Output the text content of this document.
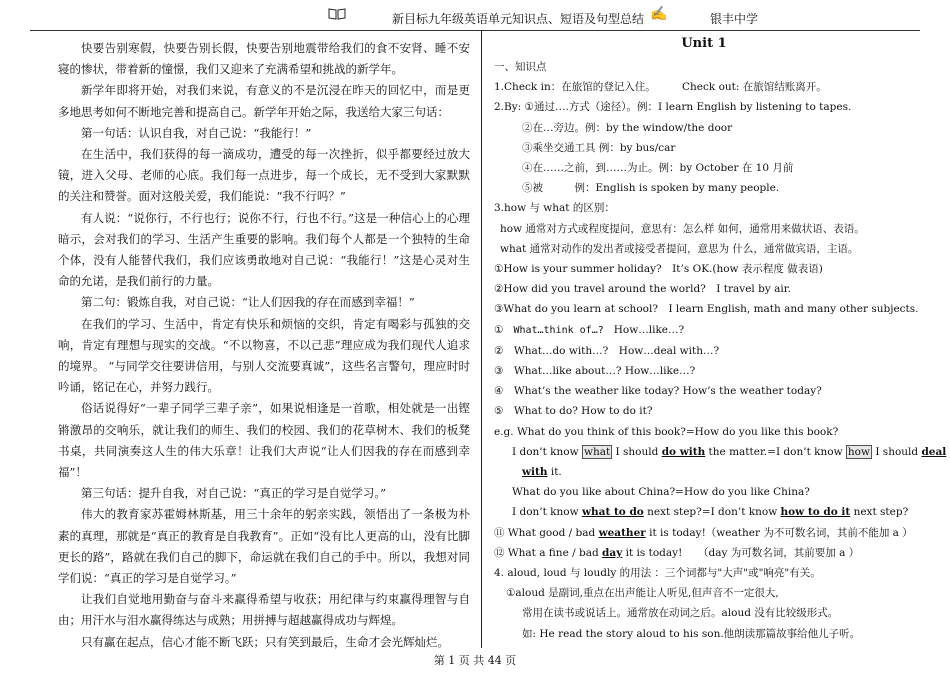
新目标九年级英语单元知识点、短语及句型总结 ✍	银丰中学

快要告别寒假，快要告别长假，快要告别地震带给我们的食不安肾、睡不安寝的惨状，带着新的憧憬，我们又迎来了充满希望和挑战的新学年。

新学年即将开始，对我们来说，有意义的不是沉浸在昨天的回忆中，而是更多地思考如何不断地完善和提高自己。新学年开始之际，我送给大家三句话：

第一句话：认识自我，对自己说：“我能行！”

在生活中，我们获得的每一滴成功，遭受的每一次挫折，似乎都要经过放大镜，进入父母、老师的心底。我们每一点进步，每一个成长，无不受到大家默默的关注和赞誉。面对这般关爱，我们能说：“我不行吗？”

有人说：“说你行，不行也行；说你不行，行也不行。”这是一种信心上的心理暗示，会对我们的学习、生活产生重要的影响。我们每个人都是一个独特的生命个体，没有人能替代我们，我们应该勇敢地对自己说：“我能行！”这是心灵对生命的允诺，是我们前行的力量。

第二句：锻炼自我，对自己说：“让人们因我的存在而感到幸福！”

在我们的学习、生活中，肯定有快乐和烦恼的交织，肯定有喝彩与孤独的交响，肯定有理想与现实的交战。“不以物喜，不以己悲”理应成为我们现代人追求的境界。 “与同学交往要讲信用，与别人交流要真诚”，这些名言警句，理应时时吟诵，铭记在心，并努力践行。

俗话说得好“一辈子同学三辈子亲”，如果说相逢是一首歌，相处就是一出铿锵激昂的交响乐，就让我们的师生、我们的校园、我们的花草树木、我们的板凳书桌，共同演奏这人生的伟大乐章！让我们大声说“让人们因我的存在而感到幸福”！

第三句话：提升自我，对自己说：“真正的学习是自觉学习。”

伟大的教育家苏霍姆林斯基，用三十余年的躬亲实践，领悟出了一条极为朴素的真理，那就是“真正的教育是自我教育”。正如“没有比人更高的山，没有比脚更长的路”，路就在我们自己的脚下，命运就在我们自己的手中。所以，我想对同学们说：“真正的学习是自觉学习。”

让我们自觉地用勤奋与奋斗来赢得希望与收获；用纪律与约束赢得理智与自由；用汗水与泪水赢得练达与成熟；用拼搏与超越赢得成功与辉煌。

只有赢在起点，信心才能不断飞跃；只有笑到最后，生命才会光辉灿烂。

Unit 1
一、知识点
1.Check in：在旅馆的登记入住。　　　Check out: 在旅馆结账离开。
2.By: ①通过….方式（途径）。例：I learn English by listening to tapes.
②在…旁边。例：by the window/the door
③乘坐交通工具 例：by bus/car
④在……之前，到……为止。例：by October 在 10 月前
⑤被　　　例：English is spoken by many people.
3.how 与 what 的区别：
how 通常对方式或程度提问，意思有：怎么样 如何，通常用来做状语、表语。
what 通常对动作的发出者或接受者提问，意思为 什么，通常做宾语，主语。
①How is your summer holiday?　It’s OK.(how 表示程度 做表语)
②How did you travel around the world?　I travel by air.
③What do you learn at school?　I learn English, math and many other subjects.
① What…think of…? How…like…?
②　What…do with…?　How…deal with…?
③　What…like about…? How…like…?
④　What’s the weather like today? How’s the weather today?
⑤　What to do? How to do it?
e.g. What do you think of this book?=How do you like this book?
I don’t know what I should do with the matter.=I don’t know how I should deal
with it.
What do you like about China?=How do you like China?
I don’t know what to do next step?=I don’t know how to do it next step?
⑪ What good / bad weather it is today!（weather 为不可数名词，其前不能加 a ）
⑫ What a fine / bad day it is today!　　（day 为可数名词，其前要加 a ）
4. aloud, loud 与 loudly 的用法 ：三个词都与"大声"或"响亮"有关。
①aloud 是副词,重点在出声能让人听见,但声音不一定很大,
常用在读书或说话上。通常放在动词之后。aloud 没有比较级形式。
如: He read the story aloud to his son.他朗读那篇故事给他儿子听。
第 1 页 共 44 页
